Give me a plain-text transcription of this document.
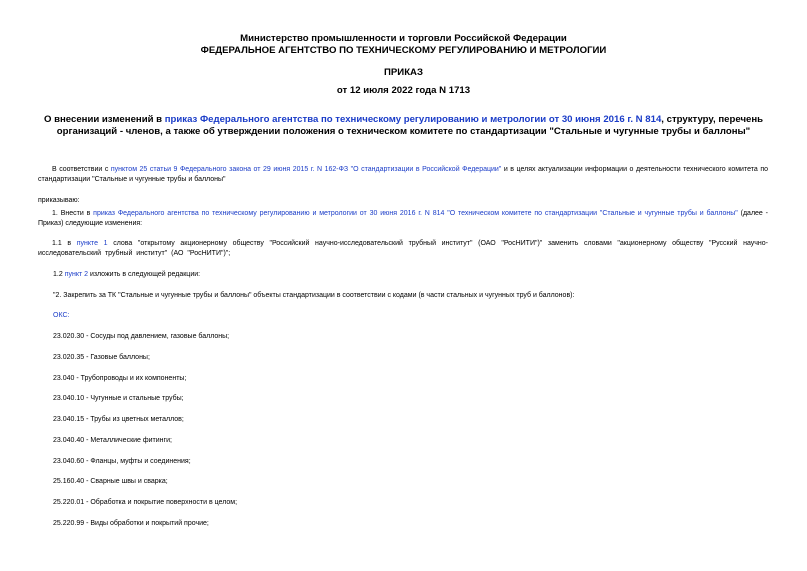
Министерство промышленности и торговли Российской Федерации
ФЕДЕРАЛЬНОЕ АГЕНТСТВО ПО ТЕХНИЧЕСКОМУ РЕГУЛИРОВАНИЮ И МЕТРОЛОГИИ
ПРИКАЗ
от 12 июля 2022 года N 1713
О внесении изменений в приказ Федерального агентства по техническому регулированию и метрологии от 30 июня 2016 г. N 814, структуру, перечень организаций - членов, а также об утверждении положения о техническом комитете по стандартизации "Стальные и чугунные трубы и баллоны"
В соответствии с пунктом 25 статьи 9 Федерального закона от 29 июня 2015 г. N 162-ФЗ "О стандартизации в Российской Федерации" и в целях актуализации информации о деятельности технического комитета по стандартизации "Стальные и чугунные трубы и баллоны"
приказываю:
1. Внести в приказ Федерального агентства по техническому регулированию и метрологии от 30 июня 2016 г. N 814 "О техническом комитете по стандартизации "Стальные и чугунные трубы и баллоны" (далее - Приказ) следующие изменения:
1.1 в пункте 1 слова "открытому акционерному обществу "Российский научно-исследовательский трубный институт" (ОАО "РосНИТИ")" заменить словами "акционерному обществу "Русский научно-исследовательский трубный институт" (АО "РосНИТИ")";
1.2 пункт 2 изложить в следующей редакции:
"2. Закрепить за ТК "Стальные и чугунные трубы и баллоны" объекты стандартизации в соответствии с кодами (в части стальных и чугунных труб и баллонов):
ОКС:
23.020.30 - Сосуды под давлением, газовые баллоны;
23.020.35 - Газовые баллоны;
23.040 - Трубопроводы и их компоненты;
23.040.10 - Чугунные и стальные трубы;
23.040.15 - Трубы из цветных металлов;
23.040.40 - Металлические фитинги;
23.040.60 - Фланцы, муфты и соединения;
25.160.40 - Сварные швы и сварка;
25.220.01 - Обработка и покрытие поверхности в целом;
25.220.99 - Виды обработки и покрытий прочие;
